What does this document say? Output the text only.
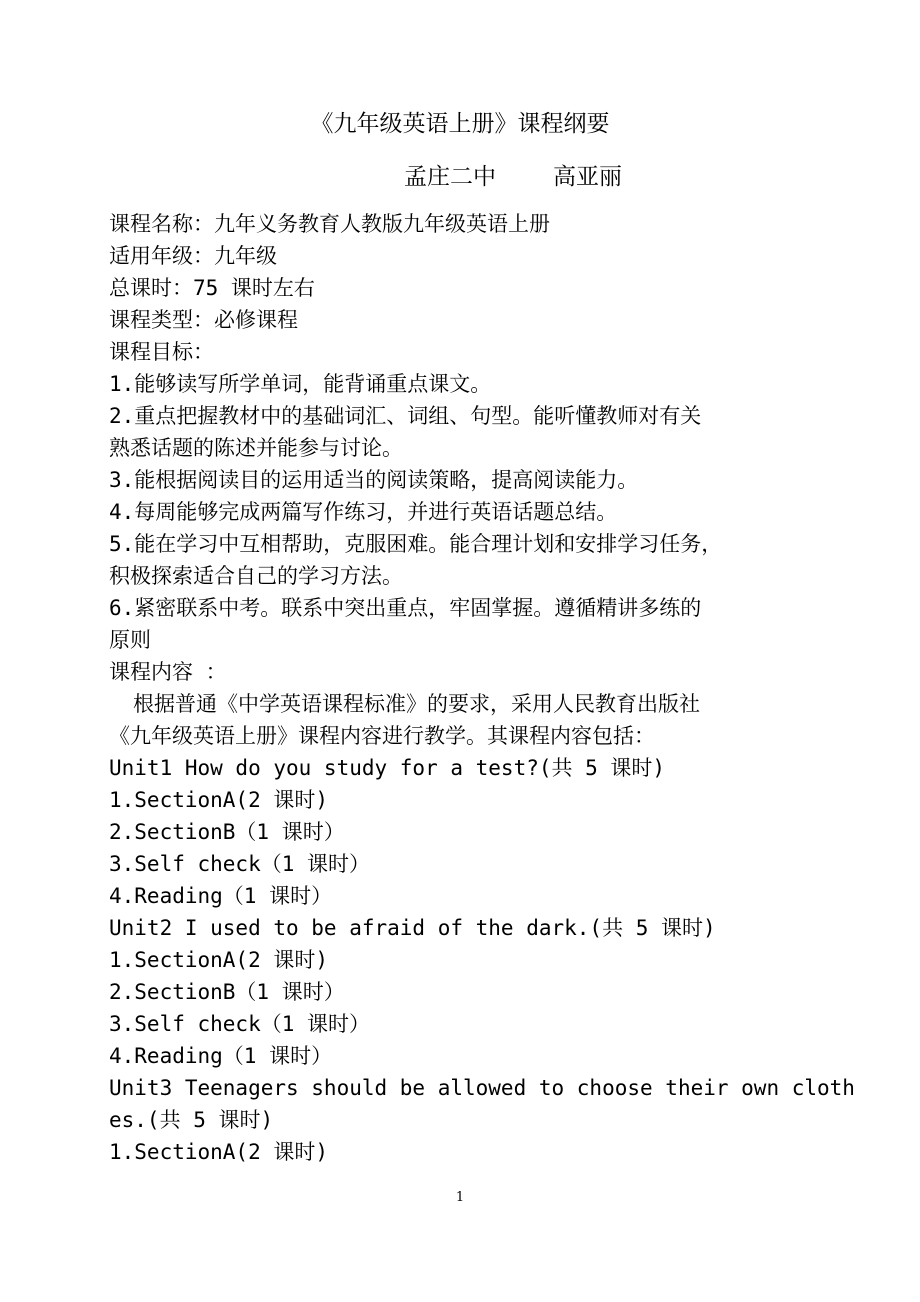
《九年级英语上册》课程纲要
孟庄二中 高亚丽
课程名称：九年义务教育人教版九年级英语上册
适用年级：九年级
总课时：75 课时左右
课程类型：必修课程
课程目标：
1.能够读写所学单词，能背诵重点课文。
2.重点把握教材中的基础词汇、词组、句型。能听懂教师对有关
熟悉话题的陈述并能参与讨论。
3.能根据阅读目的运用适当的阅读策略，提高阅读能力。
4.每周能够完成两篇写作练习，并进行英语话题总结。
5.能在学习中互相帮助，克服困难。能合理计划和安排学习任务，
积极探索适合自己的学习方法。
6.紧密联系中考。联系中突出重点，牢固掌握。遵循精讲多练的
原则
课程内容 ：
根据普通《中学英语课程标准》的要求，采用人民教育出版社
《九年级英语上册》课程内容进行教学。其课程内容包括：
Unit1 How do you study for a test?(共 5 课时)
1.SectionA(2 课时)
2.SectionB（1 课时）
3.Self check（1 课时）
4.Reading（1 课时）
Unit2 I used to be afraid of the dark.(共 5 课时)
1.SectionA(2 课时)
2.SectionB（1 课时）
3.Self check（1 课时）
4.Reading（1 课时）
Unit3 Teenagers should be allowed to choose their own cloth
es.(共 5 课时)
1.SectionA(2 课时)
1
